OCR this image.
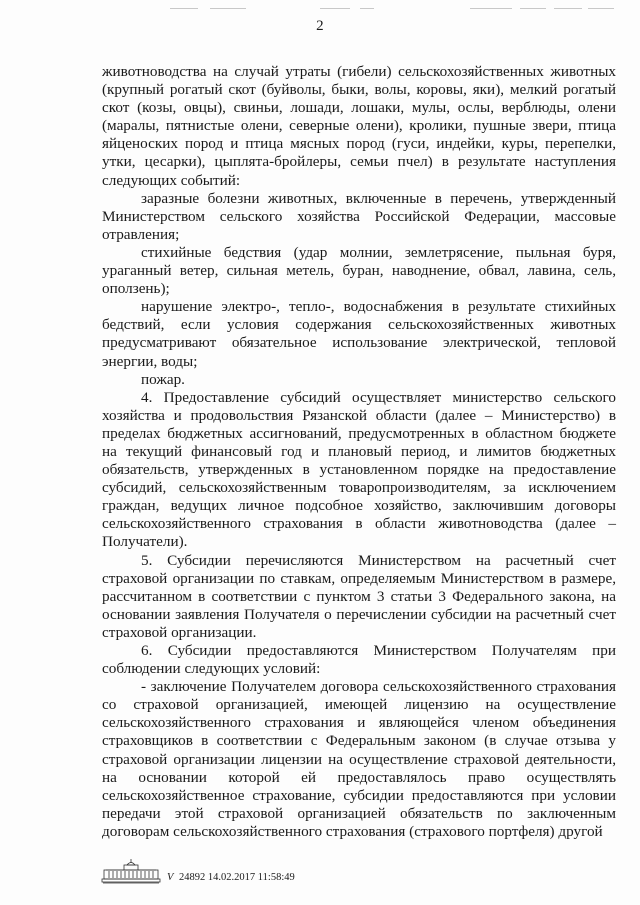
2

животноводства на случай утраты (гибели) сельскохозяйственных животных (крупный рогатый скот (буйволы, быки, волы, коровы, яки), мелкий рогатый скот (козы, овцы), свиньи, лошади, лошаки, мулы, ослы, верблюды, олени (маралы, пятнистые олени, северные олени), кролики, пушные звери, птица яйценоских пород и птица мясных пород (гуси, индейки, куры, перепелки, утки, цесарки), цыплята-бройлеры, семьи пчел) в результате наступления следующих событий:

заразные болезни животных, включенные в перечень, утвержденный Министерством сельского хозяйства Российской Федерации, массовые отравления;

стихийные бедствия (удар молнии, землетрясение, пыльная буря, ураганный ветер, сильная метель, буран, наводнение, обвал, лавина, сель, оползень);

нарушение электро-, тепло-, водоснабжения в результате стихийных бедствий, если условия содержания сельскохозяйственных животных предусматривают обязательное использование электрической, тепловой энергии, воды;

пожар.

4. Предоставление субсидий осуществляет министерство сельского хозяйства и продовольствия Рязанской области (далее – Министерство) в пределах бюджетных ассигнований, предусмотренных в областном бюджете на текущий финансовый год и плановый период, и лимитов бюджетных обязательств, утвержденных в установленном порядке на предоставление субсидий, сельскохозяйственным товаропроизводителям, за исключением граждан, ведущих личное подсобное хозяйство, заключившим договоры сельскохозяйственного страхования в области животноводства (далее – Получатели).

5. Субсидии перечисляются Министерством на расчетный счет страховой организации по ставкам, определяемым Министерством в размере, рассчитанном в соответствии с пунктом 3 статьи 3 Федерального закона, на основании заявления Получателя о перечислении субсидии на расчетный счет страховой организации.

6. Субсидии предоставляются Министерством Получателям при соблюдении следующих условий:

- заключение Получателем договора сельскохозяйственного страхования со страховой организацией, имеющей лицензию на осуществление сельскохозяйственного страхования и являющейся членом объединения страховщиков в соответствии с Федеральным законом (в случае отзыва у страховой организации лицензии на осуществление страховой деятельности, на основании которой ей предоставлялось право осуществлять сельскохозяйственное страхование, субсидии предоставляются при условии передачи этой страховой организацией обязательств по заключенным договорам сельскохозяйственного страхования (страхового портфеля) другой

V 24892 14.02.2017 11:58:49
